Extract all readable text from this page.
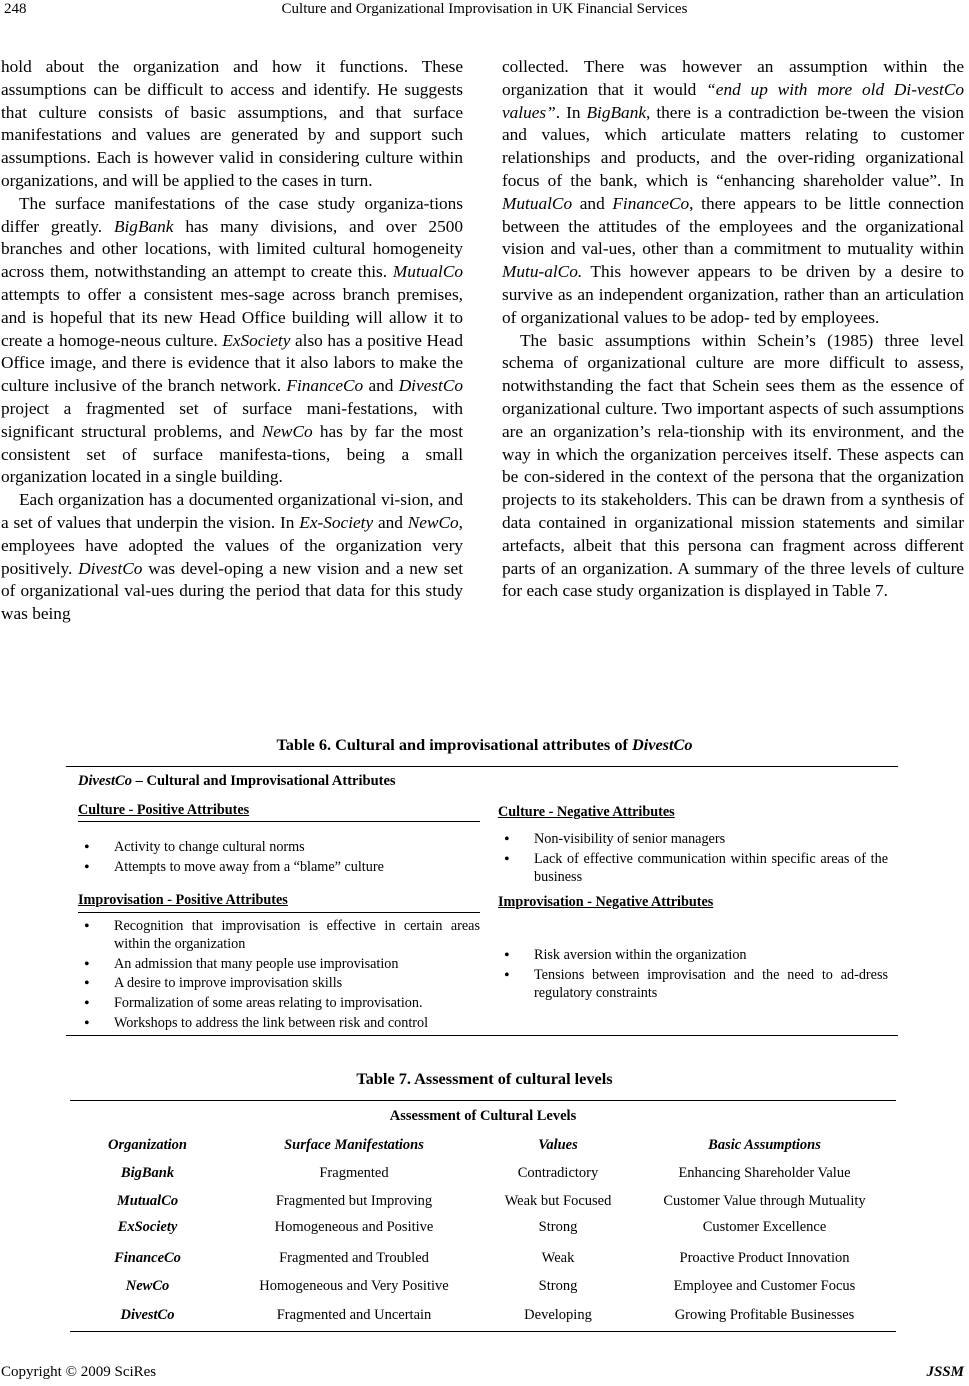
248	Culture and Organizational Improvisation in UK Financial Services

hold about the organization and how it functions. These assumptions can be difficult to access and identify. He suggests that culture consists of basic assumptions, and that surface manifestations and values are generated by and support such assumptions. Each is however valid in considering culture within organizations, and will be applied to the cases in turn.

The surface manifestations of the case study organiza-tions differ greatly. BigBank has many divisions, and over 2500 branches and other locations, with limited cultural homogeneity across them, notwithstanding an attempt to create this. MutualCo attempts to offer a consistent mes-sage across branch premises, and is hopeful that its new Head Office building will allow it to create a homoge-neous culture. ExSociety also has a positive Head Office image, and there is evidence that it also labors to make the culture inclusive of the branch network. FinanceCo and DivestCo project a fragmented set of surface mani-festations, with significant structural problems, and NewCo has by far the most consistent set of surface manifesta-tions, being a small organization located in a single building.

Each organization has a documented organizational vi-sion, and a set of values that underpin the vision. In Ex-Society and NewCo, employees have adopted the values of the organization very positively. DivestCo was devel-oping a new vision and a new set of organizational val-ues during the period that data for this study was being

collected. There was however an assumption within the organization that it would “end up with more old Di-vestCo values”. In BigBank, there is a contradiction be-tween the vision and values, which articulate matters relating to customer relationships and products, and the over-riding organizational focus of the bank, which is “enhancing shareholder value”. In MutualCo and FinanceCo, there appears to be little connection between the attitudes of the employees and the organizational vision and val-ues, other than a commitment to mutuality within Mutu-alCo. This however appears to be driven by a desire to survive as an independent organization, rather than an articulation of organizational values to be adop- ted by employees.

The basic assumptions within Schein’s (1985) three level schema of organizational culture are more difficult to assess, notwithstanding the fact that Schein sees them as the essence of organizational culture. Two important aspects of such assumptions are an organization’s rela-tionship with its environment, and the way in which the organization perceives itself. These aspects can be con-sidered in the context of the persona that the organization projects to its stakeholders. This can be drawn from a synthesis of data contained in organizational mission statements and similar artefacts, albeit that this persona can fragment across different parts of an organization. A summary of the three levels of culture for each case study organization is displayed in Table 7.

Table 6. Cultural and improvisational attributes of DivestCo
DivestCo – Cultural and Improvisational Attributes
Culture - Positive Attributes
• Activity to change cultural norms
• Attempts to move away from a “blame” culture
Culture - Negative Attributes
• Non-visibility of senior managers
• Lack of effective communication within specific areas of the business
Improvisation - Positive Attributes
• Recognition that improvisation is effective in certain areas within the organization
• An admission that many people use improvisation
• A desire to improve improvisation skills
• Formalization of some areas relating to improvisation.
• Workshops to address the link between risk and control
Improvisation - Negative Attributes
• Risk aversion within the organization
• Tensions between improvisation and the need to ad-dress regulatory constraints
Table 7. Assessment of cultural levels
Assessment of Cultural Levels
Organization	Surface Manifestations	Values	Basic Assumptions
BigBank	Fragmented	Contradictory	Enhancing Shareholder Value
MutualCo	Fragmented but Improving	Weak but Focused	Customer Value through Mutuality
ExSociety	Homogeneous and Positive	Strong	Customer Excellence
FinanceCo	Fragmented and Troubled	Weak	Proactive Product Innovation
NewCo	Homogeneous and Very Positive	Strong	Employee and Customer Focus
DivestCo	Fragmented and Uncertain	Developing	Growing Profitable Businesses
Copyright © 2009 SciRes	JSSM
